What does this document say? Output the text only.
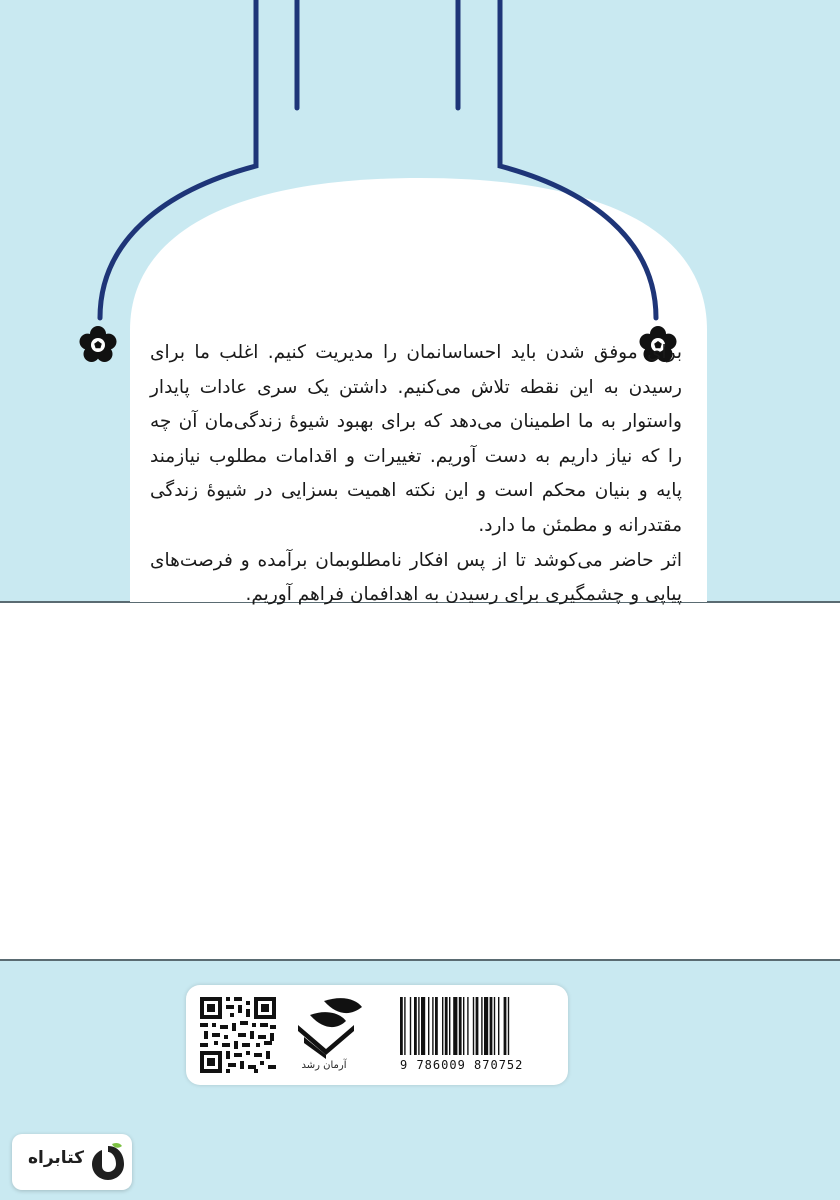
برای موفق شدن باید احساسانمان را مدیریت کنیم. اغلب ما برای رسیدن به این نقطه تلاش می‌کنیم. داشتن یک سری عادات پایدار واستوار به ما اطمینان می‌دهد که برای بهبود شیوهٔ زندگی‌مان آن چه را که نیاز داریم به دست آوریم. تغییرات و اقدامات مطلوب نیازمند پایه و بنیان محکم است و این نکته اهمیت بسزایی در شیوهٔ زندگی مقتدرانه و مطمئن ما دارد.

اثر حاضر می‌کوشد تا از پس افکار نامطلوبمان برآمده و فرصت‌های پیاپی و چشمگیری برای رسیدن به اهدافمان فراهم آوریم.

9 786009 870752
آرمان رشد
کتابراه
